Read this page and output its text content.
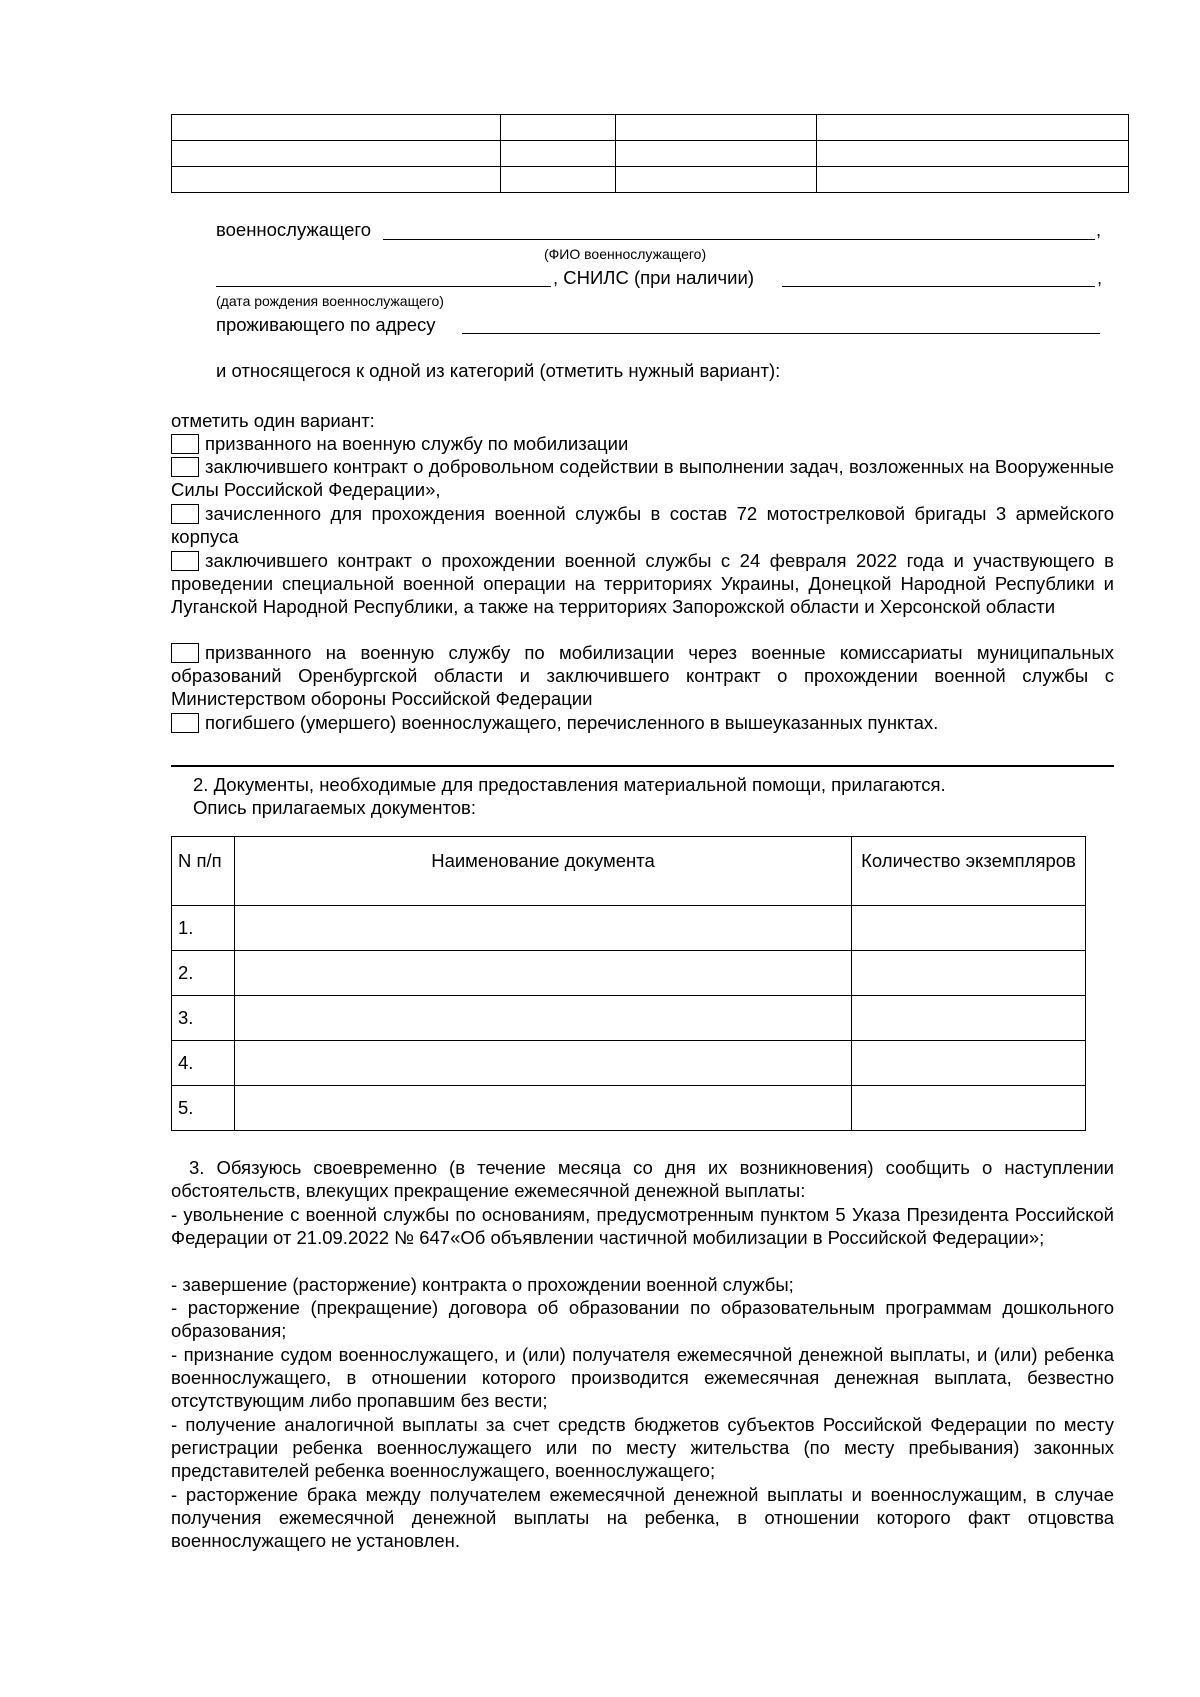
военнослужащего	,
(ФИО военнослужащего)
, СНИЛС (при наличии)	,
(дата рождения военнослужащего)
проживающего по адресу
и относящегося к одной из категорий (отметить нужный вариант):
отметить один вариант:
призванного на военную службу по мобилизации
заключившего контракт о добровольном содействии в выполнении задач, возложенных на Вооруженные Силы Российской Федерации»,
зачисленного для прохождения военной службы в состав 72 мотострелковой бригады 3 армейского корпуса
заключившего контракт о прохождении военной службы с 24 февраля 2022 года и участвующего в проведении специальной военной операции на территориях Украины, Донецкой Народной Республики и Луганской Народной Республики, а также на территориях Запорожской области и Херсонской области
призванного на военную службу по мобилизации через военные комиссариаты муниципальных образований Оренбургской области и заключившего контракт о прохождении военной службы с Министерством обороны Российской Федерации
погибшего (умершего) военнослужащего, перечисленного в вышеуказанных пунктах.
2. Документы, необходимые для предоставления материальной помощи, прилагаются.
Опись прилагаемых документов:
N п/п	Наименование документа	Количество экземпляров
1.		
2.		
3.		
4.		
5.		
3. Обязуюсь своевременно (в течение месяца со дня их возникновения) сообщить о наступлении обстоятельств, влекущих прекращение ежемесячной денежной выплаты:
- увольнение с военной службы по основаниям, предусмотренным пунктом 5 Указа Президента Российской Федерации от 21.09.2022 № 647«Об объявлении частичной мобилизации в Российской Федерации»;
- завершение (расторжение) контракта о прохождении военной службы;
- расторжение (прекращение) договора об образовании по образовательным программам дошкольного образования;
- признание судом военнослужащего, и (или) получателя ежемесячной денежной выплаты, и (или) ребенка военнослужащего, в отношении которого производится ежемесячная денежная выплата, безвестно отсутствующим либо пропавшим без вести;
- получение аналогичной выплаты за счет средств бюджетов субъектов Российской Федерации по месту регистрации ребенка военнослужащего или по месту жительства (по месту пребывания) законных представителей ребенка военнослужащего, военнослужащего;
- расторжение брака между получателем ежемесячной денежной выплаты и военнослужащим, в случае получения ежемесячной денежной выплаты на ребенка, в отношении которого факт отцовства военнослужащего не установлен.
